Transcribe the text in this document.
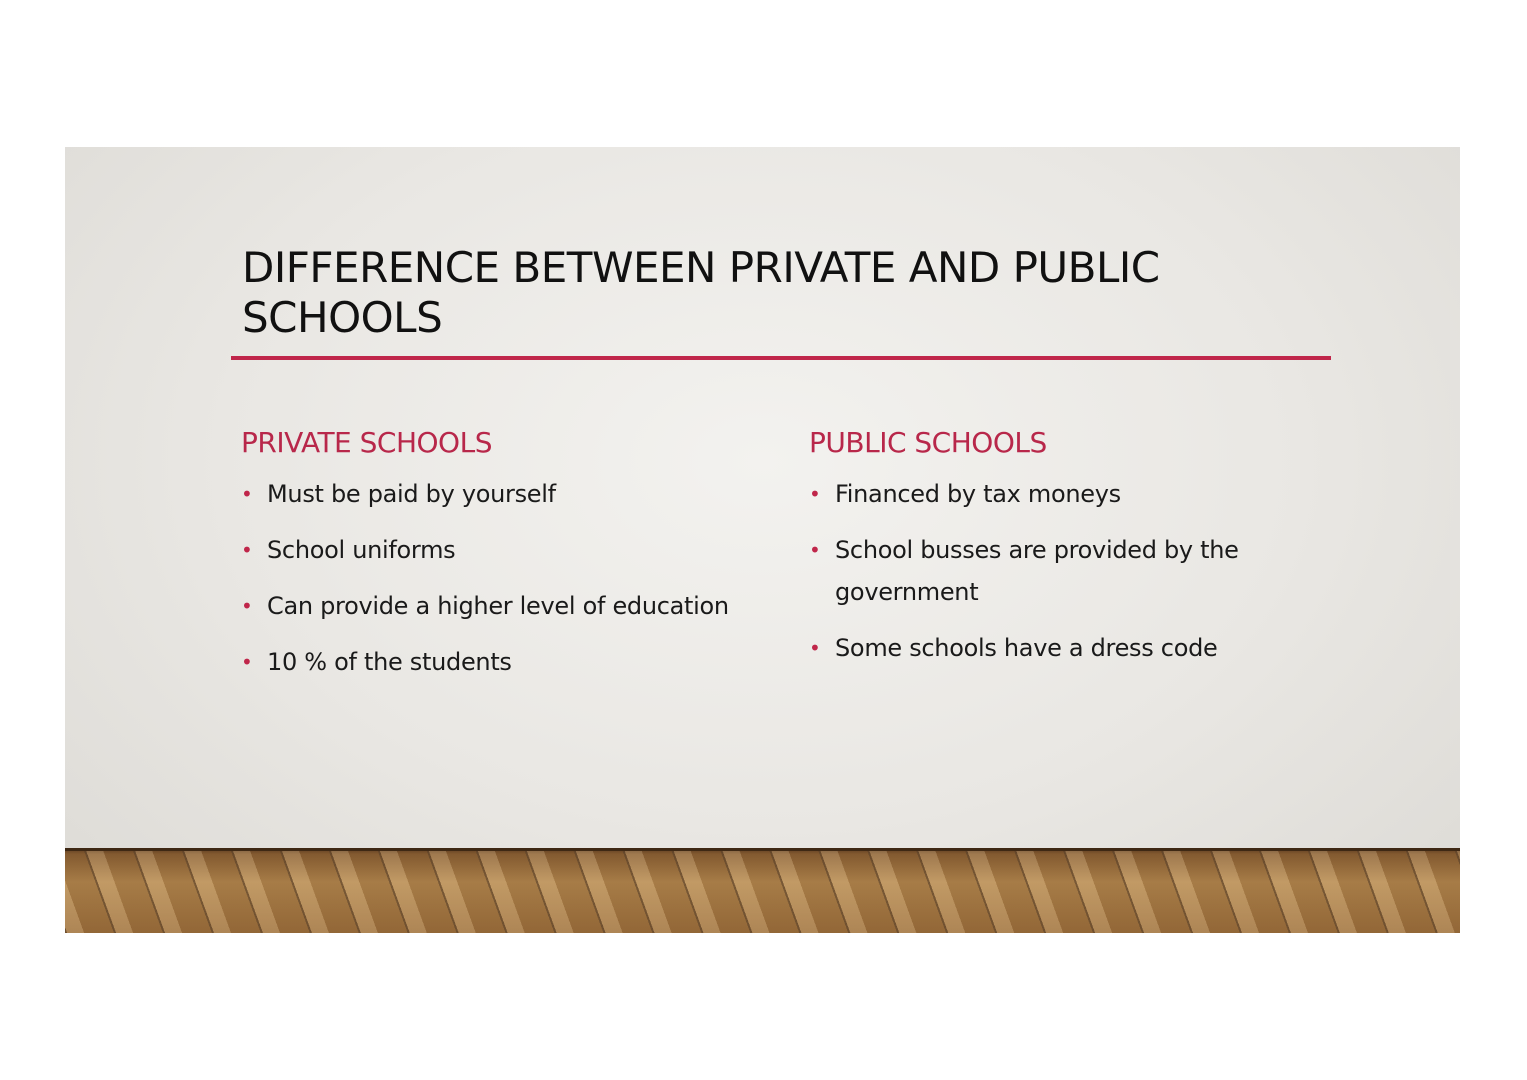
DIFFERENCE BETWEEN PRIVATE AND PUBLIC SCHOOLS
PRIVATE SCHOOLS
• Must be paid by yourself
• School uniforms
• Can provide a higher level of education
• 10 % of the students
PUBLIC SCHOOLS
• Financed by tax moneys
• School busses are provided by the government
• Some schools have a dress code
